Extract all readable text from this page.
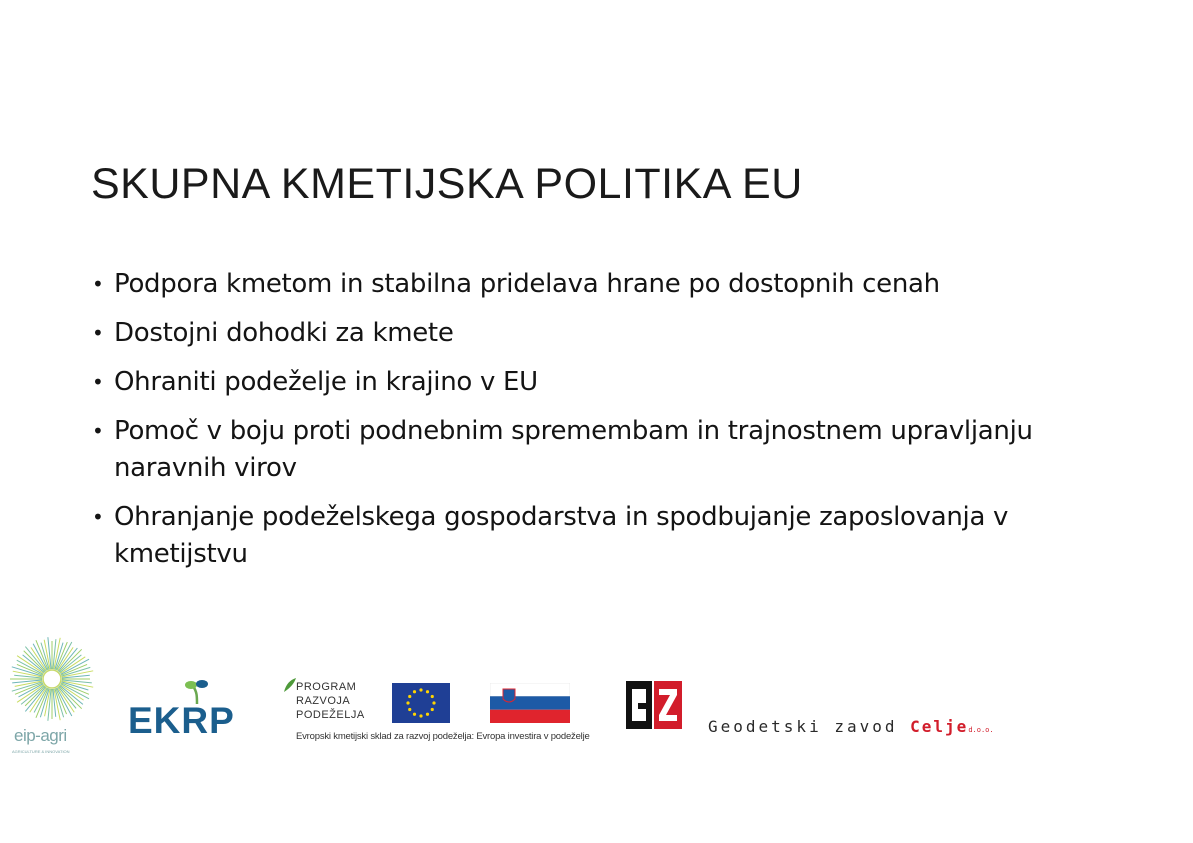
SKUPNA KMETIJSKA POLITIKA EU
• Podpora kmetom in stabilna pridelava hrane po dostopnih cenah
• Dostojni dohodki za kmete
• Ohraniti podeželje in krajino v EU
• Pomoč v boju proti podnebnim spremembam in trajnostnem upravljanju naravnih virov
• Ohranjanje podeželskega gospodarstva in spodbujanje zaposlovanja v kmetijstvu
eip-agri
AGRICULTURE & INNOVATION
EKRP
PROGRAM
RAZVOJA
PODEŽELJA
Evropski kmetijski sklad za razvoj podeželja: Evropa investira v podeželje
Geodetski zavod Celjed.o.o.
